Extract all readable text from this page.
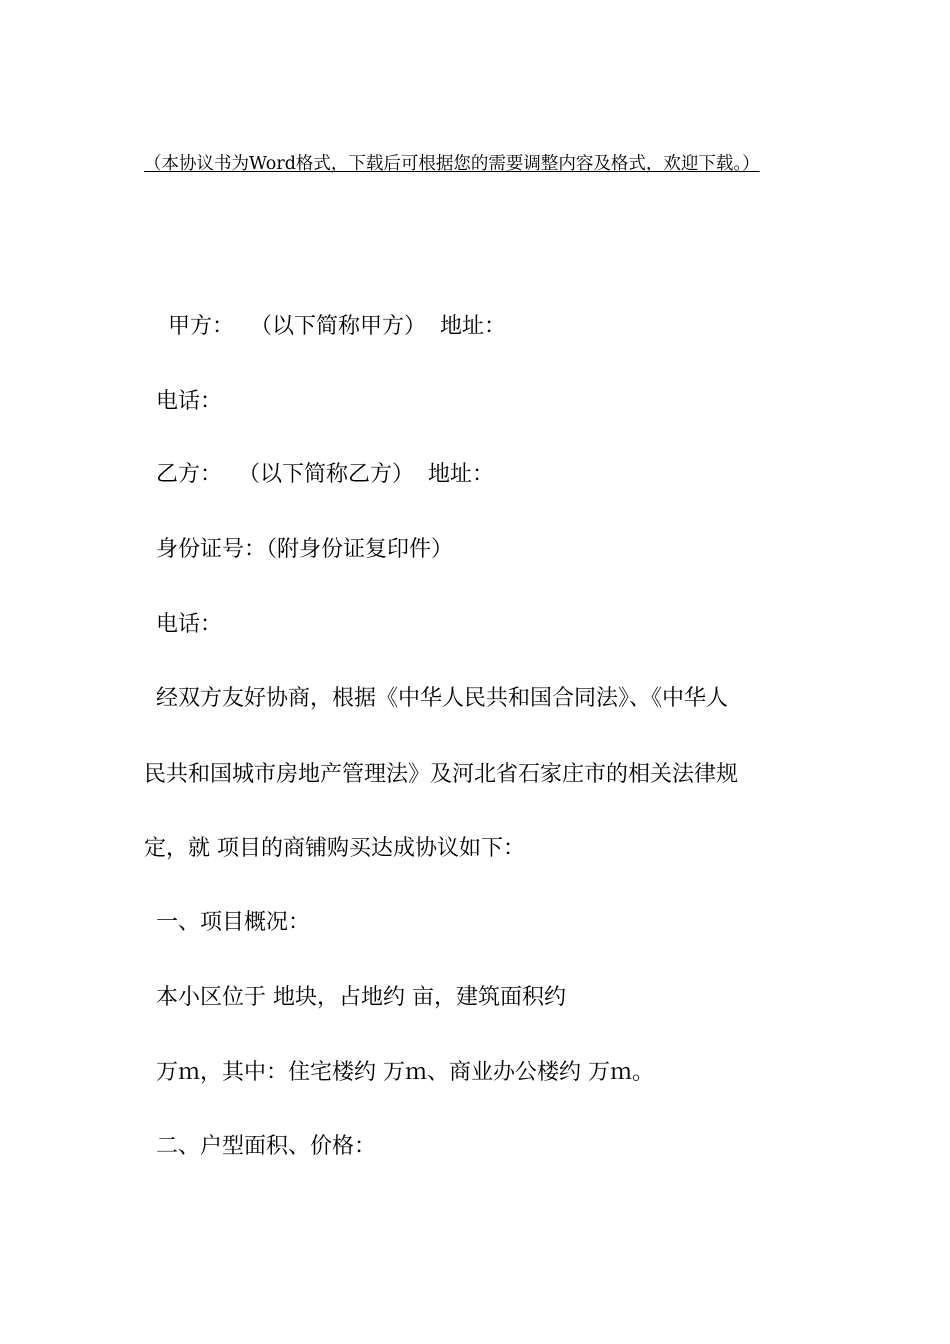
（本协议书为Word格式，下载后可根据您的需要调整内容及格式，欢迎下载。）
甲方： （以下简称甲方） 地址：
电话：
乙方： （以下简称乙方） 地址：
身份证号：（附身份证复印件）
电话：
经双方友好协商，根据《中华人民共和国合同法》、《中华人
民共和国城市房地产管理法》及河北省石家庄市的相关法律规
定，就 项目的商铺购买达成协议如下：
一、项目概况：
本小区位于 地块，占地约 亩，建筑面积约
万ｍ，其中：住宅楼约 万ｍ、商业办公楼约 万ｍ。
二、户型面积、价格：
